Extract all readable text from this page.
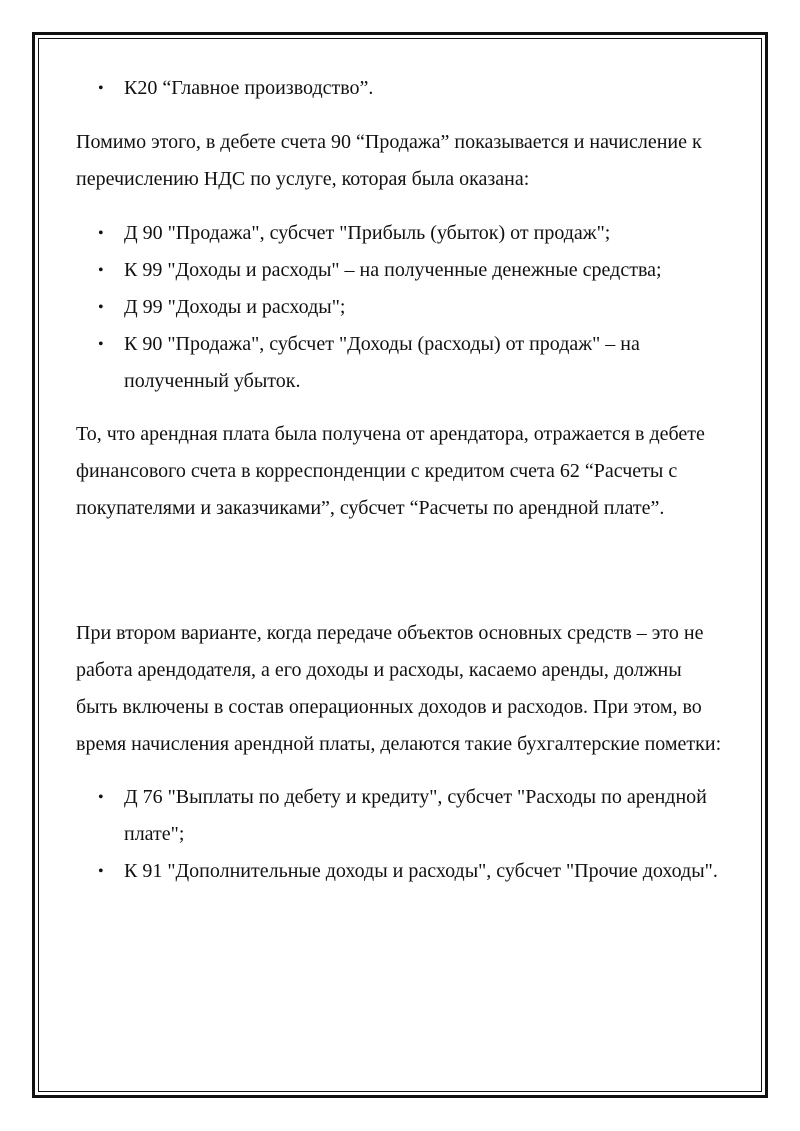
• К20 “Главное производство”.

Помимо этого, в дебете счета 90 “Продажа” показывается и начисление к перечислению НДС по услуге, которая была оказана:

• Д 90 "Продажа", субсчет "Прибыль (убыток) от продаж";
• К 99 "Доходы и расходы" – на полученные денежные средства;
• Д 99 "Доходы и расходы";
• К 90 "Продажа", субсчет "Доходы (расходы) от продаж" – на полученный убыток.

То, что арендная плата была получена от арендатора, отражается в дебете финансового счета в корреспонденции с кредитом счета 62 “Расчеты с покупателями и заказчиками”, субсчет “Расчеты по арендной плате”.

При втором варианте, когда передаче объектов основных средств – это не работа арендодателя, а его доходы и расходы, касаемо аренды, должны быть включены в состав операционных доходов и расходов. При этом, во время начисления арендной платы, делаются такие бухгалтерские пометки:

• Д 76 "Выплаты по дебету и кредиту", субсчет "Расходы по арендной плате";
• К 91 "Дополнительные доходы и расходы", субсчет "Прочие доходы".
